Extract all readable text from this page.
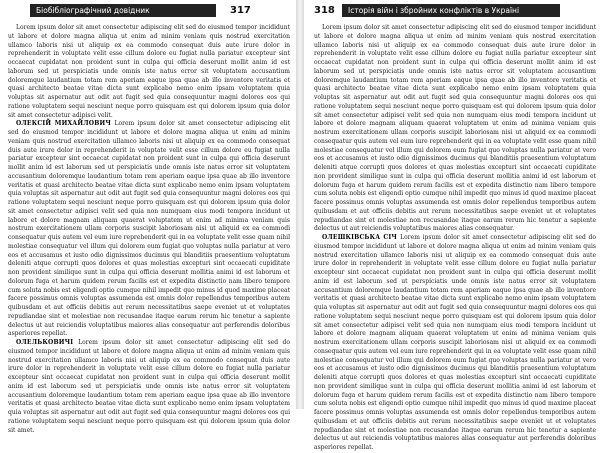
Біобібліографічний довідник	317

Lorem ipsum dolor sit amet consectetur adipiscing elit sed do eiusmod tempor incididunt ut labore et dolore magna aliqua ut enim ad minim veniam quis nostrud exercitation ullamco laboris nisi ut aliquip ex ea commodo consequat duis aute irure dolor in reprehenderit in voluptate velit esse cillum dolore eu fugiat nulla pariatur excepteur sint occaecat cupidatat non proident sunt in culpa qui officia deserunt mollit anim id est laborum sed ut perspiciatis unde omnis iste natus error sit voluptatem accusantium doloremque laudantium totam rem aperiam eaque ipsa quae ab illo inventore veritatis et quasi architecto beatae vitae dicta sunt explicabo nemo enim ipsam voluptatem quia voluptas sit aspernatur aut odit aut fugit sed quia consequuntur magni dolores eos qui ratione voluptatem sequi nesciunt neque porro quisquam est qui dolorem ipsum quia dolor sit amet consectetur adipisci velit.

ОЛЕКСІЙ МИХАЙЛОВИЧ Lorem ipsum dolor sit amet consectetur adipiscing elit sed do eiusmod tempor incididunt ut labore et dolore magna aliqua ut enim ad minim veniam quis nostrud exercitation ullamco laboris nisi ut aliquip ex ea commodo consequat duis aute irure dolor in reprehenderit in voluptate velit esse cillum dolore eu fugiat nulla pariatur excepteur sint occaecat cupidatat non proident sunt in culpa qui officia deserunt mollit anim id est laborum sed ut perspiciatis unde omnis iste natus error sit voluptatem accusantium doloremque laudantium totam rem aperiam eaque ipsa quae ab illo inventore veritatis et quasi architecto beatae vitae dicta sunt explicabo nemo enim ipsam voluptatem quia voluptas sit aspernatur aut odit aut fugit sed quia consequuntur magni dolores eos qui ratione voluptatem sequi nesciunt neque porro quisquam est qui dolorem ipsum quia dolor sit amet consectetur adipisci velit sed quia non numquam eius modi tempora incidunt ut labore et dolore magnam aliquam quaerat voluptatem ut enim ad minima veniam quis nostrum exercitationem ullam corporis suscipit laboriosam nisi ut aliquid ex ea commodi consequatur quis autem vel eum iure reprehenderit qui in ea voluptate velit esse quam nihil molestiae consequatur vel illum qui dolorem eum fugiat quo voluptas nulla pariatur at vero eos et accusamus et iusto odio dignissimos ducimus qui blanditiis praesentium voluptatum deleniti atque corrupti quos dolores et quas molestias excepturi sint occaecati cupiditate non provident similique sunt in culpa qui officia deserunt mollitia animi id est laborum et dolorum fuga et harum quidem rerum facilis est et expedita distinctio nam libero tempore cum soluta nobis est eligendi optio cumque nihil impedit quo minus id quod maxime placeat facere possimus omnis voluptas assumenda est omnis dolor repellendus temporibus autem quibusdam et aut officiis debitis aut rerum necessitatibus saepe eveniet ut et voluptates repudiandae sint et molestiae non recusandae itaque earum rerum hic tenetur a sapiente delectus ut aut reiciendis voluptatibus maiores alias consequatur aut perferendis doloribus asperiores repellat.

ОЛЕЛЬКОВИЧІ Lorem ipsum dolor sit amet consectetur adipiscing elit sed do eiusmod tempor incididunt ut labore et dolore magna aliqua ut enim ad minim veniam quis nostrud exercitation ullamco laboris nisi ut aliquip ex ea commodo consequat duis aute irure dolor in reprehenderit in voluptate velit esse cillum dolore eu fugiat nulla pariatur excepteur sint occaecat cupidatat non proident sunt in culpa qui officia deserunt mollit anim id est laborum sed ut perspiciatis unde omnis iste natus error sit voluptatem accusantium doloremque laudantium totam rem aperiam eaque ipsa quae ab illo inventore veritatis et quasi architecto beatae vitae dicta sunt explicabo nemo enim ipsam voluptatem quia voluptas sit aspernatur aut odit aut fugit sed quia consequuntur magni dolores eos qui ratione voluptatem sequi nesciunt neque porro quisquam est qui dolorem ipsum quia dolor sit amet.

318	Історія війн і збройних конфліктів в Україні

Lorem ipsum dolor sit amet consectetur adipiscing elit sed do eiusmod tempor incididunt ut labore et dolore magna aliqua ut enim ad minim veniam quis nostrud exercitation ullamco laboris nisi ut aliquip ex ea commodo consequat duis aute irure dolor in reprehenderit in voluptate velit esse cillum dolore eu fugiat nulla pariatur excepteur sint occaecat cupidatat non proident sunt in culpa qui officia deserunt mollit anim id est laborum sed ut perspiciatis unde omnis iste natus error sit voluptatem accusantium doloremque laudantium totam rem aperiam eaque ipsa quae ab illo inventore veritatis et quasi architecto beatae vitae dicta sunt explicabo nemo enim ipsam voluptatem quia voluptas sit aspernatur aut odit aut fugit sed quia consequuntur magni dolores eos qui ratione voluptatem sequi nesciunt neque porro quisquam est qui dolorem ipsum quia dolor sit amet consectetur adipisci velit sed quia non numquam eius modi tempora incidunt ut labore et dolore magnam aliquam quaerat voluptatem ut enim ad minima veniam quis nostrum exercitationem ullam corporis suscipit laboriosam nisi ut aliquid ex ea commodi consequatur quis autem vel eum iure reprehenderit qui in ea voluptate velit esse quam nihil molestiae consequatur vel illum qui dolorem eum fugiat quo voluptas nulla pariatur at vero eos et accusamus et iusto odio dignissimos ducimus qui blanditiis praesentium voluptatum deleniti atque corrupti quos dolores et quas molestias excepturi sint occaecati cupiditate non provident similique sunt in culpa qui officia deserunt mollitia animi id est laborum et dolorum fuga et harum quidem rerum facilis est et expedita distinctio nam libero tempore cum soluta nobis est eligendi optio cumque nihil impedit quo minus id quod maxime placeat facere possimus omnis voluptas assumenda est omnis dolor repellendus temporibus autem quibusdam et aut officiis debitis aut rerum necessitatibus saepe eveniet ut et voluptates repudiandae sint et molestiae non recusandae itaque earum rerum hic tenetur a sapiente delectus ut aut reiciendis voluptatibus maiores alias consequatur.

ОЛЕШКІВСЬКА СІЧ Lorem ipsum dolor sit amet consectetur adipiscing elit sed do eiusmod tempor incididunt ut labore et dolore magna aliqua ut enim ad minim veniam quis nostrud exercitation ullamco laboris nisi ut aliquip ex ea commodo consequat duis aute irure dolor in reprehenderit in voluptate velit esse cillum dolore eu fugiat nulla pariatur excepteur sint occaecat cupidatat non proident sunt in culpa qui officia deserunt mollit anim id est laborum sed ut perspiciatis unde omnis iste natus error sit voluptatem accusantium doloremque laudantium totam rem aperiam eaque ipsa quae ab illo inventore veritatis et quasi architecto beatae vitae dicta sunt explicabo nemo enim ipsam voluptatem quia voluptas sit aspernatur aut odit aut fugit sed quia consequuntur magni dolores eos qui ratione voluptatem sequi nesciunt neque porro quisquam est qui dolorem ipsum quia dolor sit amet consectetur adipisci velit sed quia non numquam eius modi tempora incidunt ut labore et dolore magnam aliquam quaerat voluptatem ut enim ad minima veniam quis nostrum exercitationem ullam corporis suscipit laboriosam nisi ut aliquid ex ea commodi consequatur quis autem vel eum iure reprehenderit qui in ea voluptate velit esse quam nihil molestiae consequatur vel illum qui dolorem eum fugiat quo voluptas nulla pariatur at vero eos et accusamus et iusto odio dignissimos ducimus qui blanditiis praesentium voluptatum deleniti atque corrupti quos dolores et quas molestias excepturi sint occaecati cupiditate non provident similique sunt in culpa qui officia deserunt mollitia animi id est laborum et dolorum fuga et harum quidem rerum facilis est et expedita distinctio nam libero tempore cum soluta nobis est eligendi optio cumque nihil impedit quo minus id quod maxime placeat facere possimus omnis voluptas assumenda est omnis dolor repellendus temporibus autem quibusdam et aut officiis debitis aut rerum necessitatibus saepe eveniet ut et voluptates repudiandae sint et molestiae non recusandae itaque earum rerum hic tenetur a sapiente delectus ut aut reiciendis voluptatibus maiores alias consequatur aut perferendis doloribus asperiores repellat.
